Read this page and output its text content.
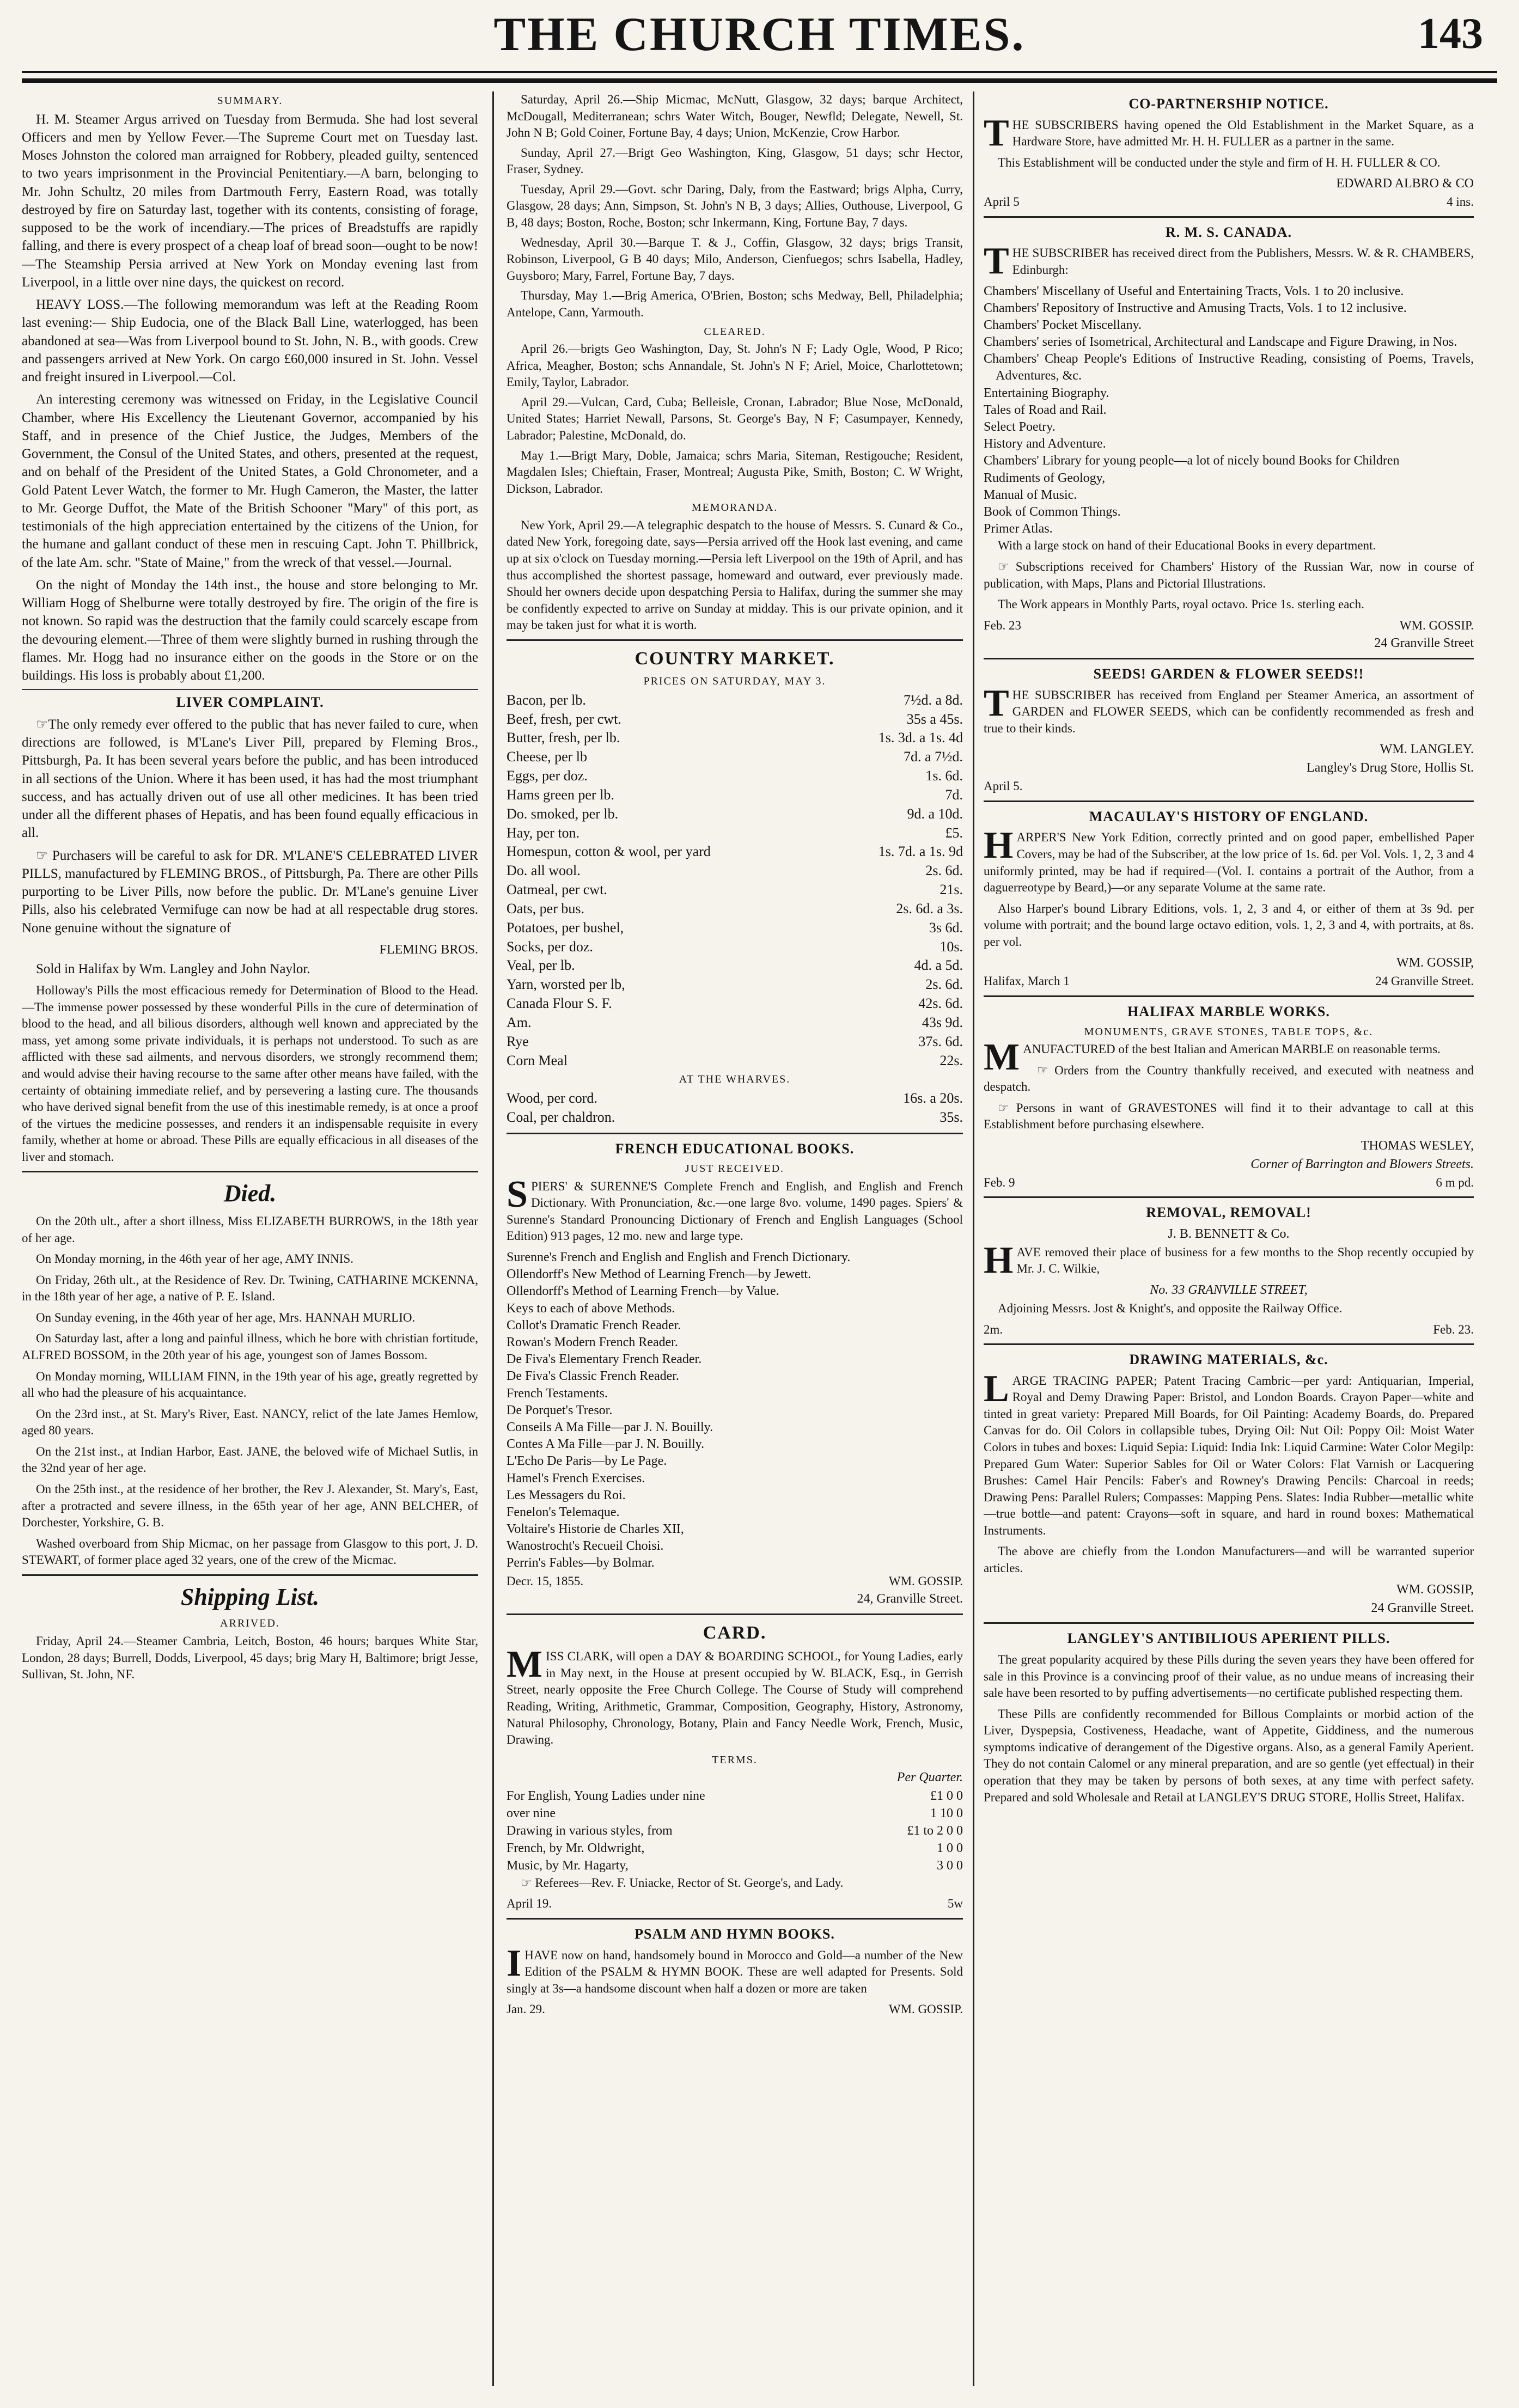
THE CHURCH TIMES.	143
SUMMARY.

H. M. Steamer Argus arrived on Tuesday from Bermuda. She had lost several Officers and men by Yellow Fever.—The Supreme Court met on Tuesday last. Moses Johnston the colored man arraigned for Robbery, pleaded guilty, sentenced to two years imprisonment in the Provincial Penitentiary.—A barn, belonging to Mr. John Schultz, 20 miles from Dartmouth Ferry, Eastern Road, was totally destroyed by fire on Saturday last, together with its contents, consisting of forage, supposed to be the work of incendiary.—The prices of Breadstuffs are rapidly falling, and there is every prospect of a cheap loaf of bread soon—ought to be now!—The Steamship Persia arrived at New York on Monday evening last from Liverpool, in a little over nine days, the quickest on record.

HEAVY LOSS.—The following memorandum was left at the Reading Room last evening:— Ship Eudocia, one of the Black Ball Line, waterlogged, has been abandoned at sea—Was from Liverpool bound to St. John, N. B., with goods. Crew and passengers arrived at New York. On cargo £60,000 insured in St. John. Vessel and freight insured in Liverpool.—Col.

An interesting ceremony was witnessed on Friday, in the Legislative Council Chamber, where His Excellency the Lieutenant Governor, accompanied by his Staff, and in presence of the Chief Justice, the Judges, Members of the Government, the Consul of the United States, and others, presented at the request, and on behalf of the President of the United States, a Gold Chronometer, and a Gold Patent Lever Watch, the former to Mr. Hugh Cameron, the Master, the latter to Mr. George Duffot, the Mate of the British Schooner "Mary" of this port, as testimonials of the high appreciation entertained by the citizens of the Union, for the humane and gallant conduct of these men in rescuing Capt. John T. Phillbrick, of the late Am. schr. "State of Maine," from the wreck of that vessel.—Journal.

On the night of Monday the 14th inst., the house and store belonging to Mr. William Hogg of Shelburne were totally destroyed by fire. The origin of the fire is not known. So rapid was the destruction that the family could scarcely escape from the devouring element.—Three of them were slightly burned in rushing through the flames. Mr. Hogg had no insurance either on the goods in the Store or on the buildings. His loss is probably about £1,200.

LIVER COMPLAINT.

☞The only remedy ever offered to the public that has never failed to cure, when directions are followed, is M'Lane's Liver Pill, prepared by Fleming Bros., Pittsburgh, Pa. It has been several years before the public, and has been introduced in all sections of the Union. Where it has been used, it has had the most triumphant success, and has actually driven out of use all other medicines. It has been tried under all the different phases of Hepatis, and has been found equally efficacious in all.

☞ Purchasers will be careful to ask for DR. M'LANE'S CELEBRATED LIVER PILLS, manufactured by FLEMING BROS., of Pittsburgh, Pa. There are other Pills purporting to be Liver Pills, now before the public. Dr. M'Lane's genuine Liver Pills, also his celebrated Vermifuge can now be had at all respectable drug stores. None genuine without the signature of

FLEMING BROS.

Sold in Halifax by Wm. Langley and John Naylor.

Holloway's Pills the most efficacious remedy for Determination of Blood to the Head.—The immense power possessed by these wonderful Pills in the cure of determination of blood to the head, and all bilious disorders, although well known and appreciated by the mass, yet among some private individuals, it is perhaps not understood. To such as are afflicted with these sad ailments, and nervous disorders, we strongly recommend them; and would advise their having recourse to the same after other means have failed, with the certainty of obtaining immediate relief, and by persevering a lasting cure. The thousands who have derived signal benefit from the use of this inestimable remedy, is at once a proof of the virtues the medicine possesses, and renders it an indispensable requisite in every family, whether at home or abroad. These Pills are equally efficacious in all diseases of the liver and stomach.

Died.

On the 20th ult., after a short illness, Miss ELIZABETH BURROWS, in the 18th year of her age.

On Monday morning, in the 46th year of her age, AMY INNIS.

On Friday, 26th ult., at the Residence of Rev. Dr. Twining, CATHARINE MCKENNA, in the 18th year of her age, a native of P. E. Island.

On Sunday evening, in the 46th year of her age, Mrs. HANNAH MURLIO.

On Saturday last, after a long and painful illness, which he bore with christian fortitude, ALFRED BOSSOM, in the 20th year of his age, youngest son of James Bossom.

On Monday morning, WILLIAM FINN, in the 19th year of his age, greatly regretted by all who had the pleasure of his acquaintance.

On the 23rd inst., at St. Mary's River, East. NANCY, relict of the late James Hemlow, aged 80 years.

On the 21st inst., at Indian Harbor, East. JANE, the beloved wife of Michael Sutlis, in the 32nd year of her age.

On the 25th inst., at the residence of her brother, the Rev J. Alexander, St. Mary's, East, after a protracted and severe illness, in the 65th year of her age, ANN BELCHER, of Dorchester, Yorkshire, G. B.

Washed overboard from Ship Micmac, on her passage from Glasgow to this port, J. D. STEWART, of former place aged 32 years, one of the crew of the Micmac.

Shipping List.
ARRIVED.

Friday, April 24.—Steamer Cambria, Leitch, Boston, 46 hours; barques White Star, London, 28 days; Burrell, Dodds, Liverpool, 45 days; brig Mary H, Baltimore; brigt Jesse, Sullivan, St. John, NF.

Saturday, April 26.—Ship Micmac, McNutt, Glasgow, 32 days; barque Architect, McDougall, Mediterranean; schrs Water Witch, Bouger, Newfld; Delegate, Newell, St. John N B; Gold Coiner, Fortune Bay, 4 days; Union, McKenzie, Crow Harbor.

Sunday, April 27.—Brigt Geo Washington, King, Glasgow, 51 days; schr Hector, Fraser, Sydney.

Tuesday, April 29.—Govt. schr Daring, Daly, from the Eastward; brigs Alpha, Curry, Glasgow, 28 days; Ann, Simpson, St. John's N B, 3 days; Allies, Outhouse, Liverpool, G B, 48 days; Boston, Roche, Boston; schr Inkermann, King, Fortune Bay, 7 days.

Wednesday, April 30.—Barque T. & J., Coffin, Glasgow, 32 days; brigs Transit, Robinson, Liverpool, G B 40 days; Milo, Anderson, Cienfuegos; schrs Isabella, Hadley, Guysboro; Mary, Farrel, Fortune Bay, 7 days.

Thursday, May 1.—Brig America, O'Brien, Boston; schs Medway, Bell, Philadelphia; Antelope, Cann, Yarmouth.

CLEARED.

April 26.—brigts Geo Washington, Day, St. John's N F; Lady Ogle, Wood, P Rico; Africa, Meagher, Boston; schs Annandale, St. John's N F; Ariel, Moice, Charlottetown; Emily, Taylor, Labrador.

April 29.—Vulcan, Card, Cuba; Belleisle, Cronan, Labrador; Blue Nose, McDonald, United States; Harriet Newall, Parsons, St. George's Bay, N F; Casumpayer, Kennedy, Labrador; Palestine, McDonald, do.

May 1.—Brigt Mary, Doble, Jamaica; schrs Maria, Siteman, Restigouche; Resident, Magdalen Isles; Chieftain, Fraser, Montreal; Augusta Pike, Smith, Boston; C. W Wright, Dickson, Labrador.

MEMORANDA.

New York, April 29.—A telegraphic despatch to the house of Messrs. S. Cunard & Co., dated New York, foregoing date, says—Persia arrived off the Hook last evening, and came up at six o'clock on Tuesday morning.—Persia left Liverpool on the 19th of April, and has thus accomplished the shortest passage, homeward and outward, ever previously made. Should her owners decide upon despatching Persia to Halifax, during the summer she may be confidently expected to arrive on Sunday at midday. This is our private opinion, and it may be taken just for what it is worth.

COUNTRY MARKET.
PRICES ON SATURDAY, MAY 3.
Bacon, per lb.	7½d. a 8d.
Beef, fresh, per cwt.	35s a 45s.
Butter, fresh, per lb.	1s. 3d. a 1s. 4d
Cheese, per lb	7d. a 7½d.
Eggs, per doz.	1s. 6d.
Hams green per lb.	7d.
Do. smoked, per lb.	9d. a 10d.
Hay, per ton.	£5.
Homespun, cotton & wool, per yard	1s. 7d. a 1s. 9d
Do. all wool.	2s. 6d.
Oatmeal, per cwt.	21s.
Oats, per bus.	2s. 6d. a 3s.
Potatoes, per bushel,	3s 6d.
Socks, per doz.	10s.
Veal, per lb.	4d. a 5d.
Yarn, worsted per lb,	2s. 6d.
Canada Flour S. F.	42s. 6d.
Am.	43s 9d.
Rye	37s. 6d.
Corn Meal	22s.
AT THE WHARVES.
Wood, per cord.	16s. a 20s.
Coal, per chaldron.	35s.
FRENCH EDUCATIONAL BOOKS.
JUST RECEIVED.

SPIERS' & SURENNE'S Complete French and English, and English and French Dictionary. With Pronunciation, &c.—one large 8vo. volume, 1490 pages. Spiers' & Surenne's Standard Pronouncing Dictionary of French and English Languages (School Edition) 913 pages, 12 mo. new and large type.

Surenne's French and English and English and French Dictionary.
Ollendorff's New Method of Learning French—by Jewett.
Ollendorff's Method of Learning French—by Value.
Keys to each of above Methods.
Collot's Dramatic French Reader.
Rowan's Modern French Reader.
De Fiva's Elementary French Reader.
De Fiva's Classic French Reader.
French Testaments.
De Porquet's Tresor.
Conseils A Ma Fille—par J. N. Bouilly.
Contes A Ma Fille—par J. N. Bouilly.
L'Echo De Paris—by Le Page.
Hamel's French Exercises.
Les Messagers du Roi.
Fenelon's Telemaque.
Voltaire's Historie de Charles XII,
Wanostrocht's Recueil Choisi.
Perrin's Fables—by Bolmar.
Decr. 15, 1855.	WM. GOSSIP.
24, Granville Street.
CARD.

MISS CLARK, will open a DAY & BOARDING SCHOOL, for Young Ladies, early in May next, in the House at present occupied by W. BLACK, Esq., in Gerrish Street, nearly opposite the Free Church College. The Course of Study will comprehend Reading, Writing, Arithmetic, Grammar, Composition, Geography, History, Astronomy, Natural Philosophy, Chronology, Botany, Plain and Fancy Needle Work, French, Music, Drawing.

TERMS.
Per Quarter.
For English, Young Ladies under nine	£1 0 0
over nine	1 10 0
Drawing in various styles, from	£1 to 2 0 0
French, by Mr. Oldwright,	1 0 0
Music, by Mr. Hagarty,	3 0 0

☞ Referees—Rev. F. Uniacke, Rector of St. George's, and Lady.

April 19.	5w
PSALM AND HYMN BOOKS.

IHAVE now on hand, handsomely bound in Morocco and Gold—a number of the New Edition of the PSALM & HYMN BOOK. These are well adapted for Presents. Sold singly at 3s—a handsome discount when half a dozen or more are taken

Jan. 29.	WM. GOSSIP.
CO-PARTNERSHIP NOTICE.

THE SUBSCRIBERS having opened the Old Establishment in the Market Square, as a Hardware Store, have admitted Mr. H. H. FULLER as a partner in the same.

This Establishment will be conducted under the style and firm of H. H. FULLER & CO.

EDWARD ALBRO & CO
April 5	4 ins.
R. M. S. CANADA.

THE SUBSCRIBER has received direct from the Publishers, Messrs. W. & R. CHAMBERS, Edinburgh:

Chambers' Miscellany of Useful and Entertaining Tracts, Vols. 1 to 20 inclusive.
Chambers' Repository of Instructive and Amusing Tracts, Vols. 1 to 12 inclusive.
Chambers' Pocket Miscellany.
Chambers' series of Isometrical, Architectural and Landscape and Figure Drawing, in Nos.
Chambers' Cheap People's Editions of Instructive Reading, consisting of Poems, Travels, Adventures, &c.
Entertaining Biography.
Tales of Road and Rail.
Select Poetry.
History and Adventure.
Chambers' Library for young people—a lot of nicely bound Books for Children
Rudiments of Geology,
Manual of Music.
Book of Common Things.
Primer Atlas.

With a large stock on hand of their Educational Books in every department.

☞ Subscriptions received for Chambers' History of the Russian War, now in course of publication, with Maps, Plans and Pictorial Illustrations.

The Work appears in Monthly Parts, royal octavo. Price 1s. sterling each.

Feb. 23	WM. GOSSIP.
24 Granville Street
SEEDS! GARDEN & FLOWER SEEDS!!

THE SUBSCRIBER has received from England per Steamer America, an assortment of GARDEN and FLOWER SEEDS, which can be confidently recommended as fresh and true to their kinds.

WM. LANGLEY.
Langley's Drug Store, Hollis St.
April 5.
MACAULAY'S HISTORY OF ENGLAND.

HARPER'S New York Edition, correctly printed and on good paper, embellished Paper Covers, may be had of the Subscriber, at the low price of 1s. 6d. per Vol. Vols. 1, 2, 3 and 4 uniformly printed, may be had if required—(Vol. I. contains a portrait of the Author, from a daguerreotype by Beard,)—or any separate Volume at the same rate.

Also Harper's bound Library Editions, vols. 1, 2, 3 and 4, or either of them at 3s 9d. per volume with portrait; and the bound large octavo edition, vols. 1, 2, 3 and 4, with portraits, at 8s. per vol.

WM. GOSSIP,
Halifax, March 1	24 Granville Street.
HALIFAX MARBLE WORKS.
MONUMENTS, GRAVE STONES, TABLE TOPS, &c.

MANUFACTURED of the best Italian and American MARBLE on reasonable terms.

☞ Orders from the Country thankfully received, and executed with neatness and despatch.

☞ Persons in want of GRAVESTONES will find it to their advantage to call at this Establishment before purchasing elsewhere.

THOMAS WESLEY,
Corner of Barrington and Blowers Streets.
Feb. 9	6 m pd.
REMOVAL, REMOVAL!
J. B. BENNETT & Co.

HAVE removed their place of business for a few months to the Shop recently occupied by Mr. J. C. Wilkie,

No. 33 GRANVILLE STREET,

Adjoining Messrs. Jost & Knight's, and opposite the Railway Office.

2m.	Feb. 23.
DRAWING MATERIALS, &c.

LARGE TRACING PAPER; Patent Tracing Cambric—per yard: Antiquarian, Imperial, Royal and Demy Drawing Paper: Bristol, and London Boards. Crayon Paper—white and tinted in great variety: Prepared Mill Boards, for Oil Painting: Academy Boards, do. Prepared Canvas for do. Oil Colors in collapsible tubes, Drying Oil: Nut Oil: Poppy Oil: Moist Water Colors in tubes and boxes: Liquid Sepia: Liquid: India Ink: Liquid Carmine: Water Color Megilp: Prepared Gum Water: Superior Sables for Oil or Water Colors: Flat Varnish or Lacquering Brushes: Camel Hair Pencils: Faber's and Rowney's Drawing Pencils: Charcoal in reeds; Drawing Pens: Parallel Rulers; Compasses: Mapping Pens. Slates: India Rubber—metallic white—true bottle—and patent: Crayons—soft in square, and hard in round boxes: Mathematical Instruments.

The above are chiefly from the London Manufacturers—and will be warranted superior articles.

WM. GOSSIP,
24 Granville Street.
LANGLEY'S ANTIBILIOUS APERIENT PILLS.

The great popularity acquired by these Pills during the seven years they have been offered for sale in this Province is a convincing proof of their value, as no undue means of increasing their sale have been resorted to by puffing advertisements—no certificate published respecting them.

These Pills are confidently recommended for Billous Complaints or morbid action of the Liver, Dyspepsia, Costiveness, Headache, want of Appetite, Giddiness, and the numerous symptoms indicative of derangement of the Digestive organs. Also, as a general Family Aperient. They do not contain Calomel or any mineral preparation, and are so gentle (yet effectual) in their operation that they may be taken by persons of both sexes, at any time with perfect safety. Prepared and sold Wholesale and Retail at LANGLEY'S DRUG STORE, Hollis Street, Halifax.
